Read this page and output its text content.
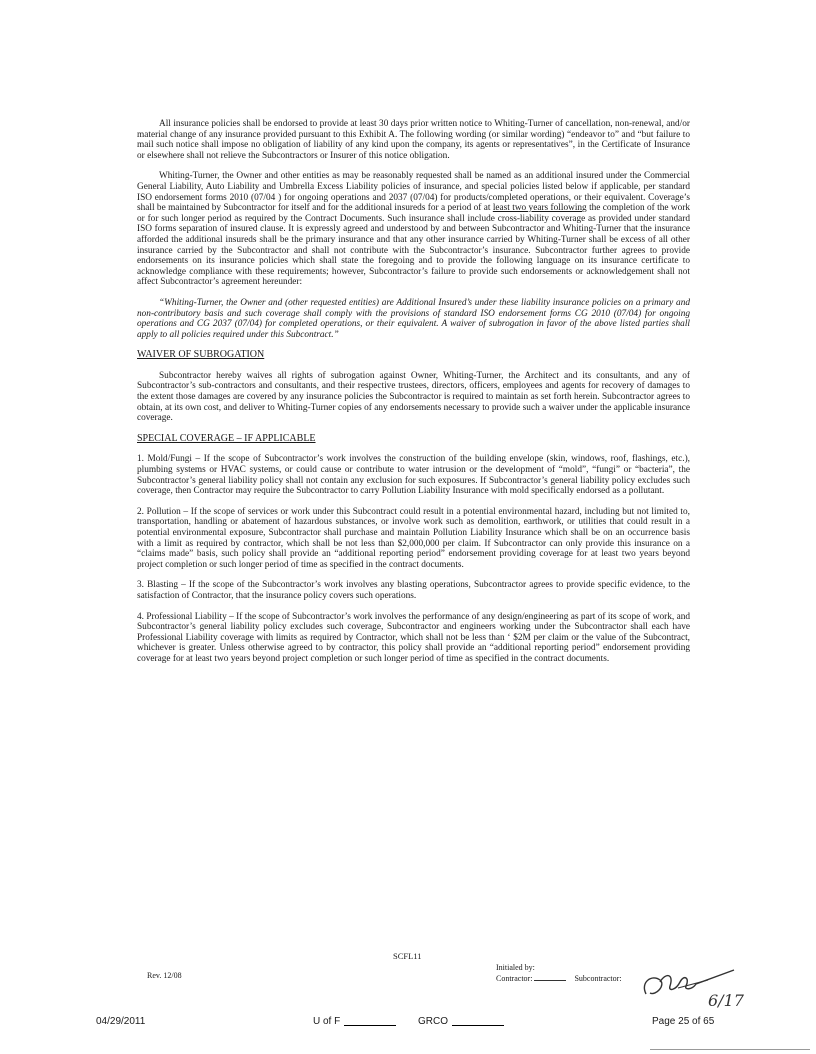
All insurance policies shall be endorsed to provide at least 30 days prior written notice to Whiting-Turner of cancellation, non-renewal, and/or material change of any insurance provided pursuant to this Exhibit A. The following wording (or similar wording) “endeavor to” and “but failure to mail such notice shall impose no obligation of liability of any kind upon the company, its agents or representatives”, in the Certificate of Insurance or elsewhere shall not relieve the Subcontractors or Insurer of this notice obligation.

Whiting-Turner, the Owner and other entities as may be reasonably requested shall be named as an additional insured under the Commercial General Liability, Auto Liability and Umbrella Excess Liability policies of insurance, and special policies listed below if applicable, per standard ISO endorsement forms 2010 (07/04 ) for ongoing operations and 2037 (07/04) for products/completed operations, or their equivalent. Coverage’s shall be maintained by Subcontractor for itself and for the additional insureds for a period of at least two years following the completion of the work or for such longer period as required by the Contract Documents. Such insurance shall include cross-liability coverage as provided under standard ISO forms separation of insured clause. It is expressly agreed and understood by and between Subcontractor and Whiting-Turner that the insurance afforded the additional insureds shall be the primary insurance and that any other insurance carried by Whiting-Turner shall be excess of all other insurance carried by the Subcontractor and shall not contribute with the Subcontractor’s insurance. Subcontractor further agrees to provide endorsements on its insurance policies which shall state the foregoing and to provide the following language on its insurance certificate to acknowledge compliance with these requirements; however, Subcontractor’s failure to provide such endorsements or acknowledgement shall not affect Subcontractor’s agreement hereunder:

“Whiting-Turner, the Owner and (other requested entities) are Additional Insured’s under these liability insurance policies on a primary and non-contributory basis and such coverage shall comply with the provisions of standard ISO endorsement forms CG 2010 (07/04) for ongoing operations and CG 2037 (07/04) for completed operations, or their equivalent. A waiver of subrogation in favor of the above listed parties shall apply to all policies required under this Subcontract.”

WAIVER OF SUBROGATION

Subcontractor hereby waives all rights of subrogation against Owner, Whiting-Turner, the Architect and its consultants, and any of Subcontractor’s sub-contractors and consultants, and their respective trustees, directors, officers, employees and agents for recovery of damages to the extent those damages are covered by any insurance policies the Subcontractor is required to maintain as set forth herein. Subcontractor agrees to obtain, at its own cost, and deliver to Whiting-Turner copies of any endorsements necessary to provide such a waiver under the applicable insurance coverage.

SPECIAL COVERAGE – IF APPLICABLE

1. Mold/Fungi – If the scope of Subcontractor’s work involves the construction of the building envelope (skin, windows, roof, flashings, etc.), plumbing systems or HVAC systems, or could cause or contribute to water intrusion or the development of “mold”, “fungi” or “bacteria”, the Subcontractor’s general liability policy shall not contain any exclusion for such exposures. If Subcontractor’s general liability policy excludes such coverage, then Contractor may require the Subcontractor to carry Pollution Liability Insurance with mold specifically endorsed as a pollutant.

2. Pollution – If the scope of services or work under this Subcontract could result in a potential environmental hazard, including but not limited to, transportation, handling or abatement of hazardous substances, or involve work such as demolition, earthwork, or utilities that could result in a potential environmental exposure, Subcontractor shall purchase and maintain Pollution Liability Insurance which shall be on an occurrence basis with a limit as required by contractor, which shall be not less than $2,000,000 per claim. If Subcontractor can only provide this insurance on a “claims made” basis, such policy shall provide an “additional reporting period” endorsement providing coverage for at least two years beyond project completion or such longer period of time as specified in the contract documents.

3. Blasting – If the scope of the Subcontractor’s work involves any blasting operations, Subcontractor agrees to provide specific evidence, to the satisfaction of Contractor, that the insurance policy covers such operations.

4. Professional Liability – If the scope of Subcontractor’s work involves the performance of any design/engineering as part of its scope of work, and Subcontractor’s general liability policy excludes such coverage, Subcontractor and engineers working under the Subcontractor shall each have Professional Liability coverage with limits as required by Contractor, which shall not be less than ‘ $2M per claim or the value of the Subcontract, whichever is greater. Unless otherwise agreed to by contractor, this policy shall provide an “additional reporting period” endorsement providing coverage for at least two years beyond project completion or such longer period of time as specified in the contract documents.

SCFL11
Rev. 12/08
Initialed by:
Contractor:	Subcontractor:
6/17
04/29/2011	U of F	GRCO	Page 25 of 65
